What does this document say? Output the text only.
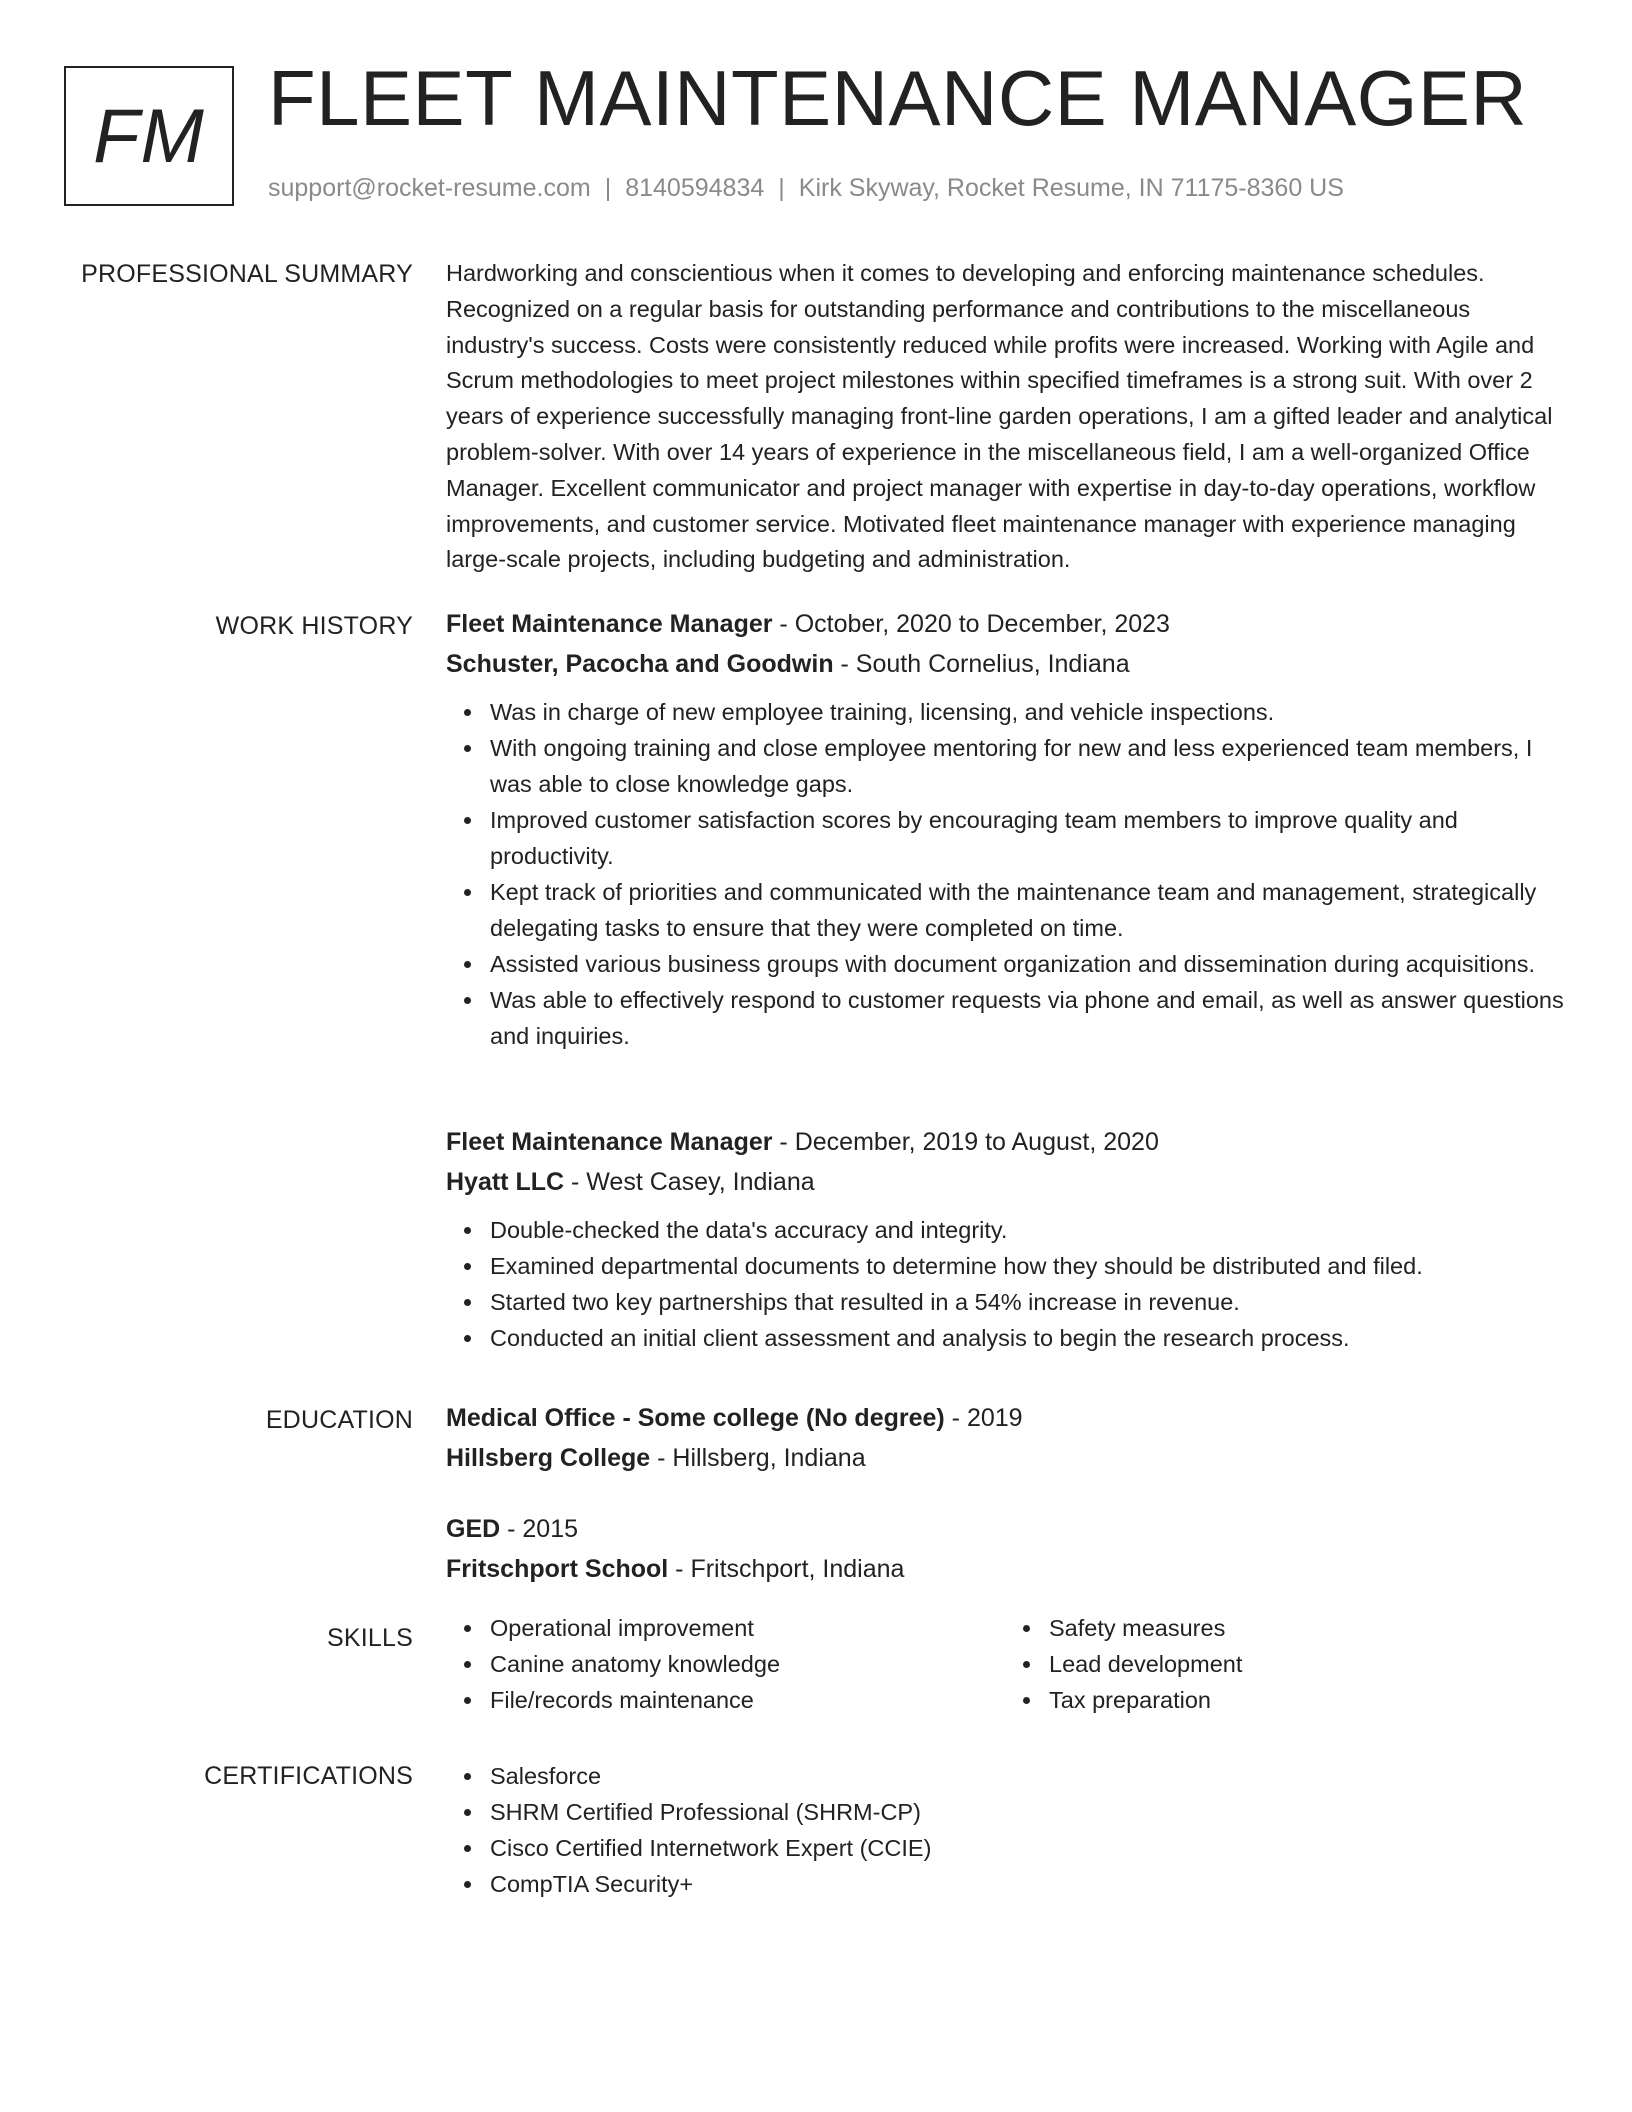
FM FLEET MAINTENANCE MANAGER
support@rocket-resume.com | 8140594834 | Kirk Skyway, Rocket Resume, IN 71175-8360 US
PROFESSIONAL SUMMARY Hardworking and conscientious when it comes to developing and enforcing maintenance schedules. Recognized on a regular basis for outstanding performance and contributions to the miscellaneous industry's success. Costs were consistently reduced while profits were increased. Working with Agile and Scrum methodologies to meet project milestones within specified timeframes is a strong suit. With over 2 years of experience successfully managing front-line garden operations, I am a gifted leader and analytical problem-solver. With over 14 years of experience in the miscellaneous field, I am a well-organized Office Manager. Excellent communicator and project manager with expertise in day-to-day operations, workflow improvements, and customer service. Motivated fleet maintenance manager with experience managing large-scale projects, including budgeting and administration.

WORK HISTORY Fleet Maintenance Manager - October, 2020 to December, 2023

Schuster, Pacocha and Goodwin - South Cornelius, Indiana

Was in charge of new employee training, licensing, and vehicle inspections.
With ongoing training and close employee mentoring for new and less experienced team members, I was able to close knowledge gaps.
Improved customer satisfaction scores by encouraging team members to improve quality and productivity.
Kept track of priorities and communicated with the maintenance team and management, strategically delegating tasks to ensure that they were completed on time.
Assisted various business groups with document organization and dissemination during acquisitions.
Was able to effectively respond to customer requests via phone and email, as well as answer questions and inquiries.

Fleet Maintenance Manager - December, 2019 to August, 2020

Hyatt LLC - West Casey, Indiana

Double-checked the data's accuracy and integrity.
Examined departmental documents to determine how they should be distributed and filed.
Started two key partnerships that resulted in a 54% increase in revenue.
Conducted an initial client assessment and analysis to begin the research process.
EDUCATION Medical Office - Some college (No degree) - 2019

Hillsberg College - Hillsberg, Indiana

GED - 2015

Fritschport School - Fritschport, Indiana

SKILLS	Operational improvement
Canine anatomy knowledge
File/records maintenance
Safety measures
Lead development
Tax preparation
CERTIFICATIONS	Salesforce
SHRM Certified Professional (SHRM-CP)
Cisco Certified Internetwork Expert (CCIE)
CompTIA Security+
